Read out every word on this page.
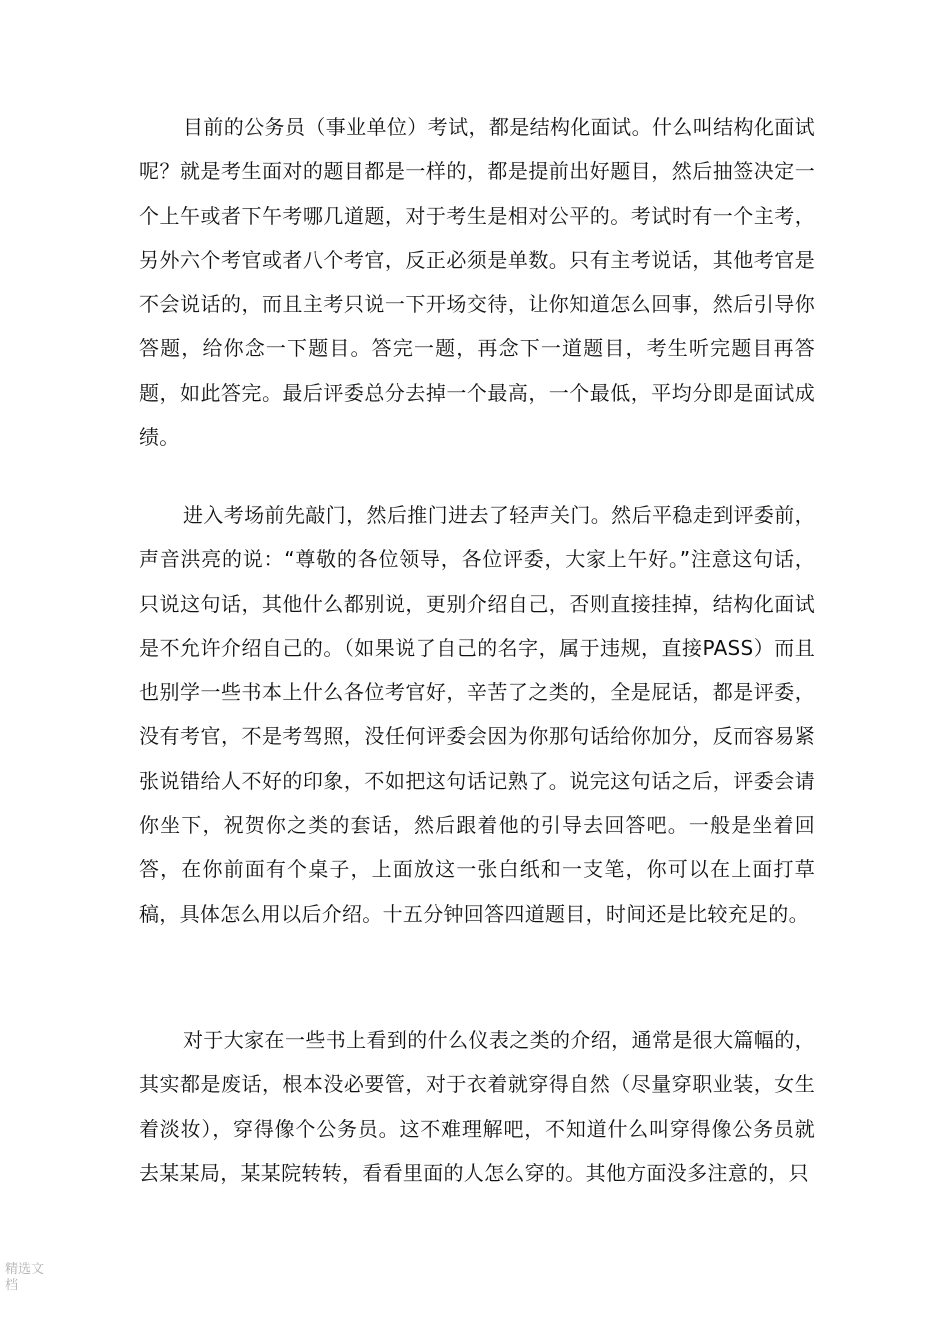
目前的公务员（事业单位）考试，都是结构化面试。什么叫结构化面试呢？就是考生面对的题目都是一样的，都是提前出好题目，然后抽签决定一个上午或者下午考哪几道题，对于考生是相对公平的。考试时有一个主考，另外六个考官或者八个考官，反正必须是单数。只有主考说话，其他考官是不会说话的，而且主考只说一下开场交待，让你知道怎么回事，然后引导你答题，给你念一下题目。答完一题，再念下一道题目，考生听完题目再答题，如此答完。最后评委总分去掉一个最高，一个最低，平均分即是面试成绩。

进入考场前先敲门，然后推门进去了轻声关门。然后平稳走到评委前，声音洪亮的说：“尊敬的各位领导，各位评委，大家上午好。”注意这句话，只说这句话，其他什么都别说，更别介绍自己，否则直接挂掉，结构化面试是不允许介绍自己的。（如果说了自己的名字，属于违规，直接PASS）而且也别学一些书本上什么各位考官好，辛苦了之类的，全是屁话，都是评委，没有考官，不是考驾照，没任何评委会因为你那句话给你加分，反而容易紧张说错给人不好的印象，不如把这句话记熟了。说完这句话之后，评委会请你坐下，祝贺你之类的套话，然后跟着他的引导去回答吧。一般是坐着回答，在你前面有个桌子，上面放这一张白纸和一支笔，你可以在上面打草稿，具体怎么用以后介绍。十五分钟回答四道题目，时间还是比较充足的。

对于大家在一些书上看到的什么仪表之类的介绍，通常是很大篇幅的，其实都是废话，根本没必要管，对于衣着就穿得自然（尽量穿职业装，女生着淡妆），穿得像个公务员。这不难理解吧，不知道什么叫穿得像公务员就去某某局，某某院转转，看看里面的人怎么穿的。其他方面没多注意的，只

精选文档
